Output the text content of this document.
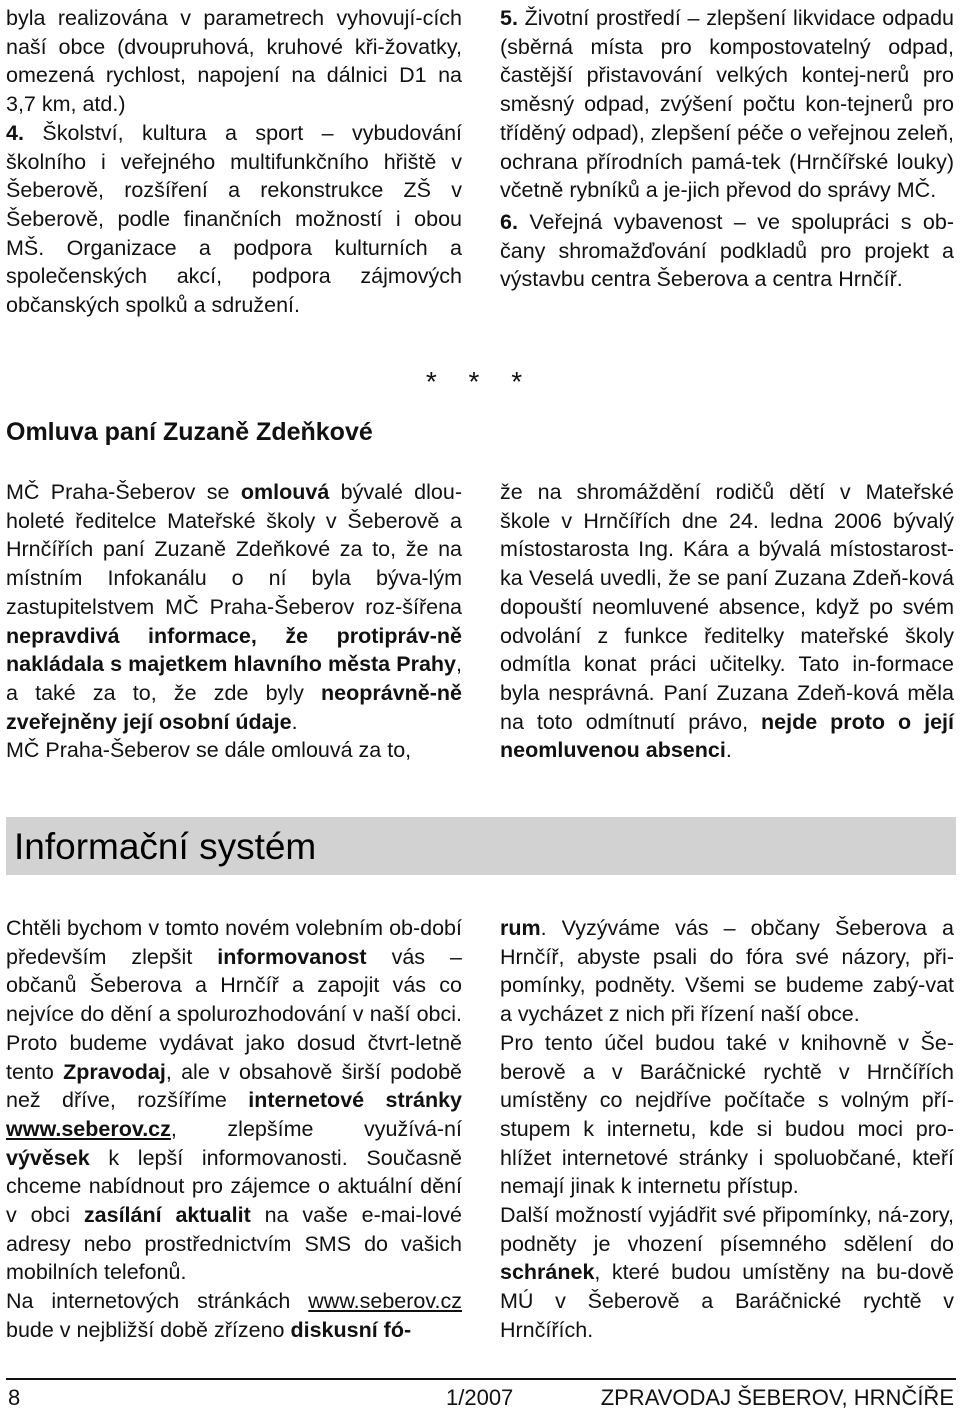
byla realizována v parametrech vyhovují-cích naší obce (dvoupruhová, kruhové kři-žovatky, omezená rychlost, napojení na dálnici D1 na 3,7 km, atd.)

4. Školství, kultura a sport – vybudování školního i veřejného multifunkčního hřiště v Šeberově, rozšíření a rekonstrukce ZŠ v Šeberově, podle finančních možností i obou MŠ. Organizace a podpora kulturních a společenských akcí, podpora zájmových občanských spolků a sdružení.

5. Životní prostředí – zlepšení likvidace odpadu (sběrná místa pro kompostovatelný odpad, častější přistavování velkých kontej-nerů pro směsný odpad, zvýšení počtu kon-tejnerů pro tříděný odpad), zlepšení péče o veřejnou zeleň, ochrana přírodních pamá-tek (Hrnčířské louky) včetně rybníků a je-jich převod do správy MČ.

6. Veřejná vybavenost – ve spolupráci s ob-čany shromažďování podkladů pro projekt a výstavbu centra Šeberova a centra Hrnčíř.

* * *
Omluva paní Zuzaně Zdeňkové

MČ Praha-Šeberov se omlouvá bývalé dlou-holeté ředitelce Mateřské školy v Šeberově a Hrnčířích paní Zuzaně Zdeňkové za to, že na místním Infokanálu o ní byla býva-lým zastupitelstvem MČ Praha-Šeberov roz-šířena nepravdivá informace, že protipráv-ně nakládala s majetkem hlavního města Prahy, a také za to, že zde byly neoprávně-ně zveřejněny její osobní údaje.

MČ Praha-Šeberov se dále omlouvá za to,

že na shromáždění rodičů dětí v Mateřské škole v Hrnčířích dne 24. ledna 2006 bývalý místostarosta Ing. Kára a bývalá místostarost-ka Veselá uvedli, že se paní Zuzana Zdeň-ková dopouští neomluvené absence, když po svém odvolání z funkce ředitelky mateřské školy odmítla konat práci učitelky. Tato in-formace byla nesprávná. Paní Zuzana Zdeň-ková měla na toto odmítnutí právo, nejde proto o její neomluvenou absenci.

Informační systém

Chtěli bychom v tomto novém volebním ob-dobí především zlepšit informovanost vás – občanů Šeberova a Hrnčíř a zapojit vás co nejvíce do dění a spolurozhodování v naší obci. Proto budeme vydávat jako dosud čtvrt-letně tento Zpravodaj, ale v obsahově širší podobě než dříve, rozšíříme internetové stránky www.seberov.cz, zlepšíme využívá-ní vývěsek k lepší informovanosti. Současně chceme nabídnout pro zájemce o aktuální dění v obci zasílání aktualit na vaše e-mai-lové adresy nebo prostřednictvím SMS do vašich mobilních telefonů.

Na internetových stránkách www.seberov.cz bude v nejbližší době zřízeno diskusní fó-

rum. Vyzýváme vás – občany Šeberova a Hrnčíř, abyste psali do fóra své názory, při-pomínky, podněty. Všemi se budeme zabý-vat a vycházet z nich při řízení naší obce.

Pro tento účel budou také v knihovně v Še-berově a v Baráčnické rychtě v Hrnčířích umístěny co nejdříve počítače s volným pří-stupem k internetu, kde si budou moci pro-hlížet internetové stránky i spoluobčané, kteří nemají jinak k internetu přístup.

Další možností vyjádřit své připomínky, ná-zory, podněty je vhození písemného sdělení do schránek, které budou umístěny na bu-dově MÚ v Šeberově a Baráčnické rychtě v Hrnčířích.

8	1/2007	ZPRAVODAJ ŠEBEROV, HRNČÍŘE
